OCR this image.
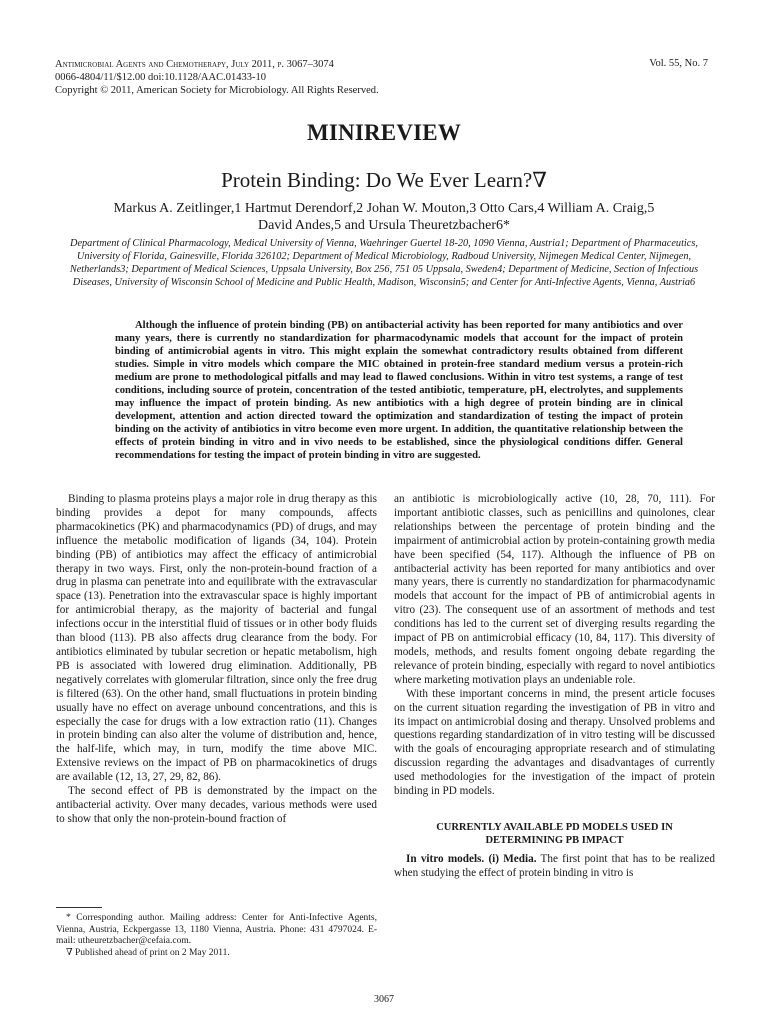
Antimicrobial Agents and Chemotherapy, July 2011, p. 3067–3074
0066-4804/11/$12.00 doi:10.1128/AAC.01433-10
Copyright © 2011, American Society for Microbiology. All Rights Reserved.
Vol. 55, No. 7
MINIREVIEW
Protein Binding: Do We Ever Learn?∇
Markus A. Zeitlinger,1 Hartmut Derendorf,2 Johan W. Mouton,3 Otto Cars,4 William A. Craig,5
David Andes,5 and Ursula Theuretzbacher6*
Department of Clinical Pharmacology, Medical University of Vienna, Waehringer Guertel 18-20, 1090 Vienna, Austria1; Department of Pharmaceutics, University of Florida, Gainesville, Florida 326102; Department of Medical Microbiology, Radboud University, Nijmegen Medical Center, Nijmegen, Netherlands3; Department of Medical Sciences, Uppsala University, Box 256, 751 05 Uppsala, Sweden4; Department of Medicine, Section of Infectious Diseases, University of Wisconsin School of Medicine and Public Health, Madison, Wisconsin5; and Center for Anti-Infective Agents, Vienna, Austria6
Although the influence of protein binding (PB) on antibacterial activity has been reported for many antibiotics and over many years, there is currently no standardization for pharmacodynamic models that account for the impact of protein binding of antimicrobial agents in vitro. This might explain the somewhat contradictory results obtained from different studies. Simple in vitro models which compare the MIC obtained in protein-free standard medium versus a protein-rich medium are prone to methodological pitfalls and may lead to flawed conclusions. Within in vitro test systems, a range of test conditions, including source of protein, concentration of the tested antibiotic, temperature, pH, electrolytes, and supplements may influence the impact of protein binding. As new antibiotics with a high degree of protein binding are in clinical development, attention and action directed toward the optimization and standardization of testing the impact of protein binding on the activity of antibiotics in vitro become even more urgent. In addition, the quantitative relationship between the effects of protein binding in vitro and in vivo needs to be established, since the physiological conditions differ. General recommendations for testing the impact of protein binding in vitro are suggested.

Binding to plasma proteins plays a major role in drug therapy as this binding provides a depot for many compounds, affects pharmacokinetics (PK) and pharmacodynamics (PD) of drugs, and may influence the metabolic modification of ligands (34, 104). Protein binding (PB) of antibiotics may affect the efficacy of antimicrobial therapy in two ways. First, only the non-protein-bound fraction of a drug in plasma can penetrate into and equilibrate with the extravascular space (13). Penetration into the extravascular space is highly important for antimicrobial therapy, as the majority of bacterial and fungal infections occur in the interstitial fluid of tissues or in other body fluids than blood (113). PB also affects drug clearance from the body. For antibiotics eliminated by tubular secretion or hepatic metabolism, high PB is associated with lowered drug elimination. Additionally, PB negatively correlates with glomerular filtration, since only the free drug is filtered (63). On the other hand, small fluctuations in protein binding usually have no effect on average unbound concentrations, and this is especially the case for drugs with a low extraction ratio (11). Changes in protein binding can also alter the volume of distribution and, hence, the half-life, which may, in turn, modify the time above MIC. Extensive reviews on the impact of PB on pharmacokinetics of drugs are available (12, 13, 27, 29, 82, 86).

The second effect of PB is demonstrated by the impact on the antibacterial activity. Over many decades, various methods were used to show that only the non-protein-bound fraction of

an antibiotic is microbiologically active (10, 28, 70, 111). For important antibiotic classes, such as penicillins and quinolones, clear relationships between the percentage of protein binding and the impairment of antimicrobial action by protein-containing growth media have been specified (54, 117). Although the influence of PB on antibacterial activity has been reported for many antibiotics and over many years, there is currently no standardization for pharmacodynamic models that account for the impact of PB of antimicrobial agents in vitro (23). The consequent use of an assortment of methods and test conditions has led to the current set of diverging results regarding the impact of PB on antimicrobial efficacy (10, 84, 117). This diversity of models, methods, and results foment ongoing debate regarding the relevance of protein binding, especially with regard to novel antibiotics where marketing motivation plays an undeniable role.

With these important concerns in mind, the present article focuses on the current situation regarding the investigation of PB in vitro and its impact on antimicrobial dosing and therapy. Unsolved problems and questions regarding standardization of in vitro testing will be discussed with the goals of encouraging appropriate research and of stimulating discussion regarding the advantages and disadvantages of currently used methodologies for the investigation of the impact of protein binding in PD models.

CURRENTLY AVAILABLE PD MODELS USED IN
DETERMINING PB IMPACT

In vitro models. (i) Media. The first point that has to be realized when studying the effect of protein binding in vitro is

* Corresponding author. Mailing address: Center for Anti-Infective Agents, Vienna, Austria, Eckpergasse 13, 1180 Vienna, Austria. Phone: 431 4797024. E-mail: utheuretzbacher@cefaia.com.

∇ Published ahead of print on 2 May 2011.

3067
